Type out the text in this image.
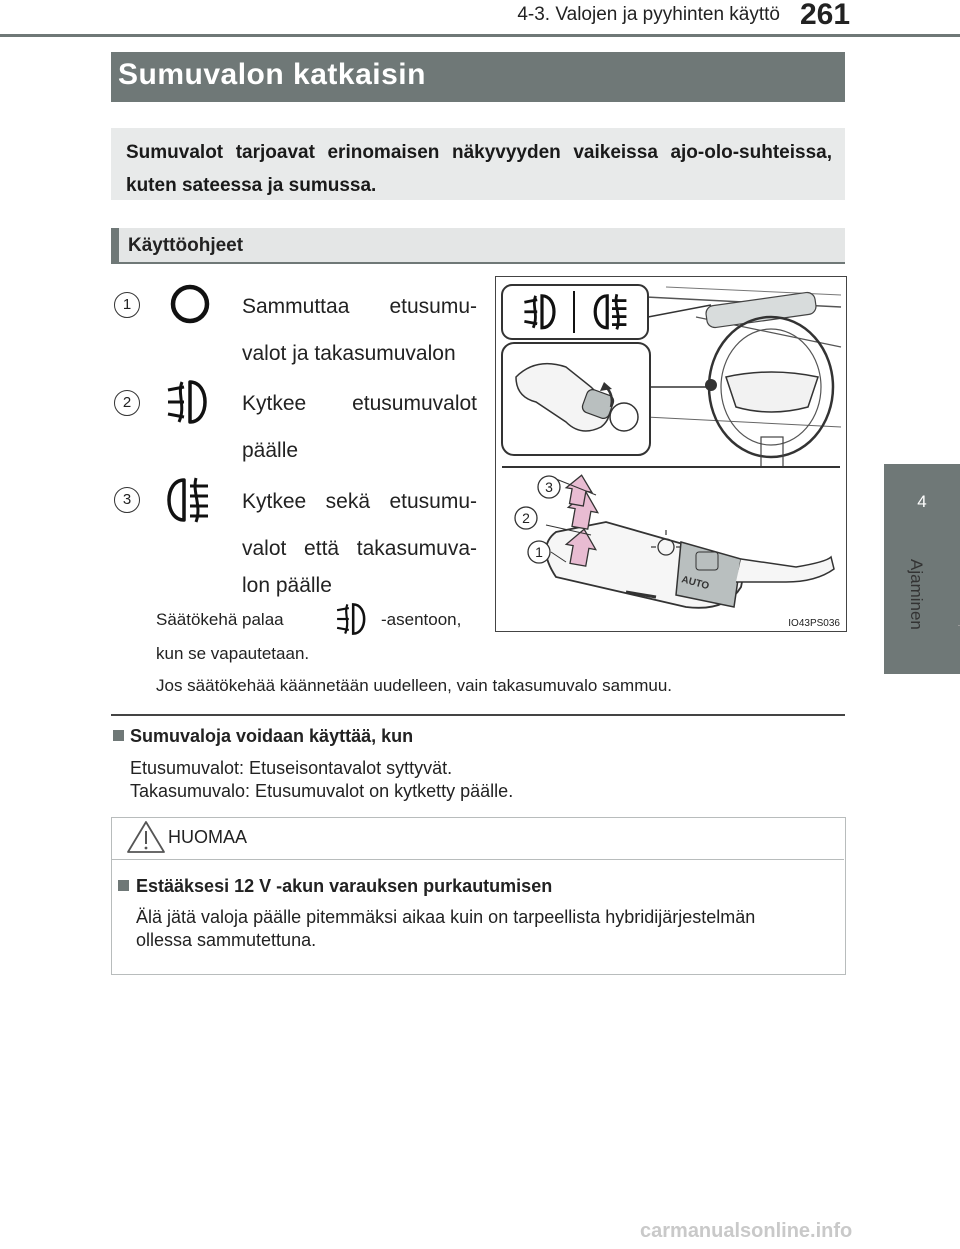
4-3. Valojen ja pyyhinten käyttö 261
4
Ajaminen
Sumuvalon katkaisin
Sumuvalot tarjoavat erinomaisen näkyvyyden vaikeissa ajo-olo-suhteissa, kuten sateessa ja sumussa.
Käyttöohjeet
1	Sammuttaa etusumu-
valot ja takasumuvalon
2	Kytkee etusumuvalot
päälle
3	Kytkee sekä etusumu-
valot että takasumuva-
lon päälle
Säätökehä palaa	-asentoon,
kun se vapautetaan.
Jos säätökehää käännetään uudelleen, vain takasumuvalo sammuu.
AUTO
3
2
1
IO43PS036
Sumuvaloja voidaan käyttää, kun
Etusumuvalot: Etuseisontavalot syttyvät.
Takasumuvalo: Etusumuvalot on kytketty päälle.
HUOMAA
Estääksesi 12 V -akun varauksen purkautumisen
Älä jätä valoja päälle pitemmäksi aikaa kuin on tarpeellista hybridijärjestelmän
ollessa sammutettuna.
carmanualsonline.info
